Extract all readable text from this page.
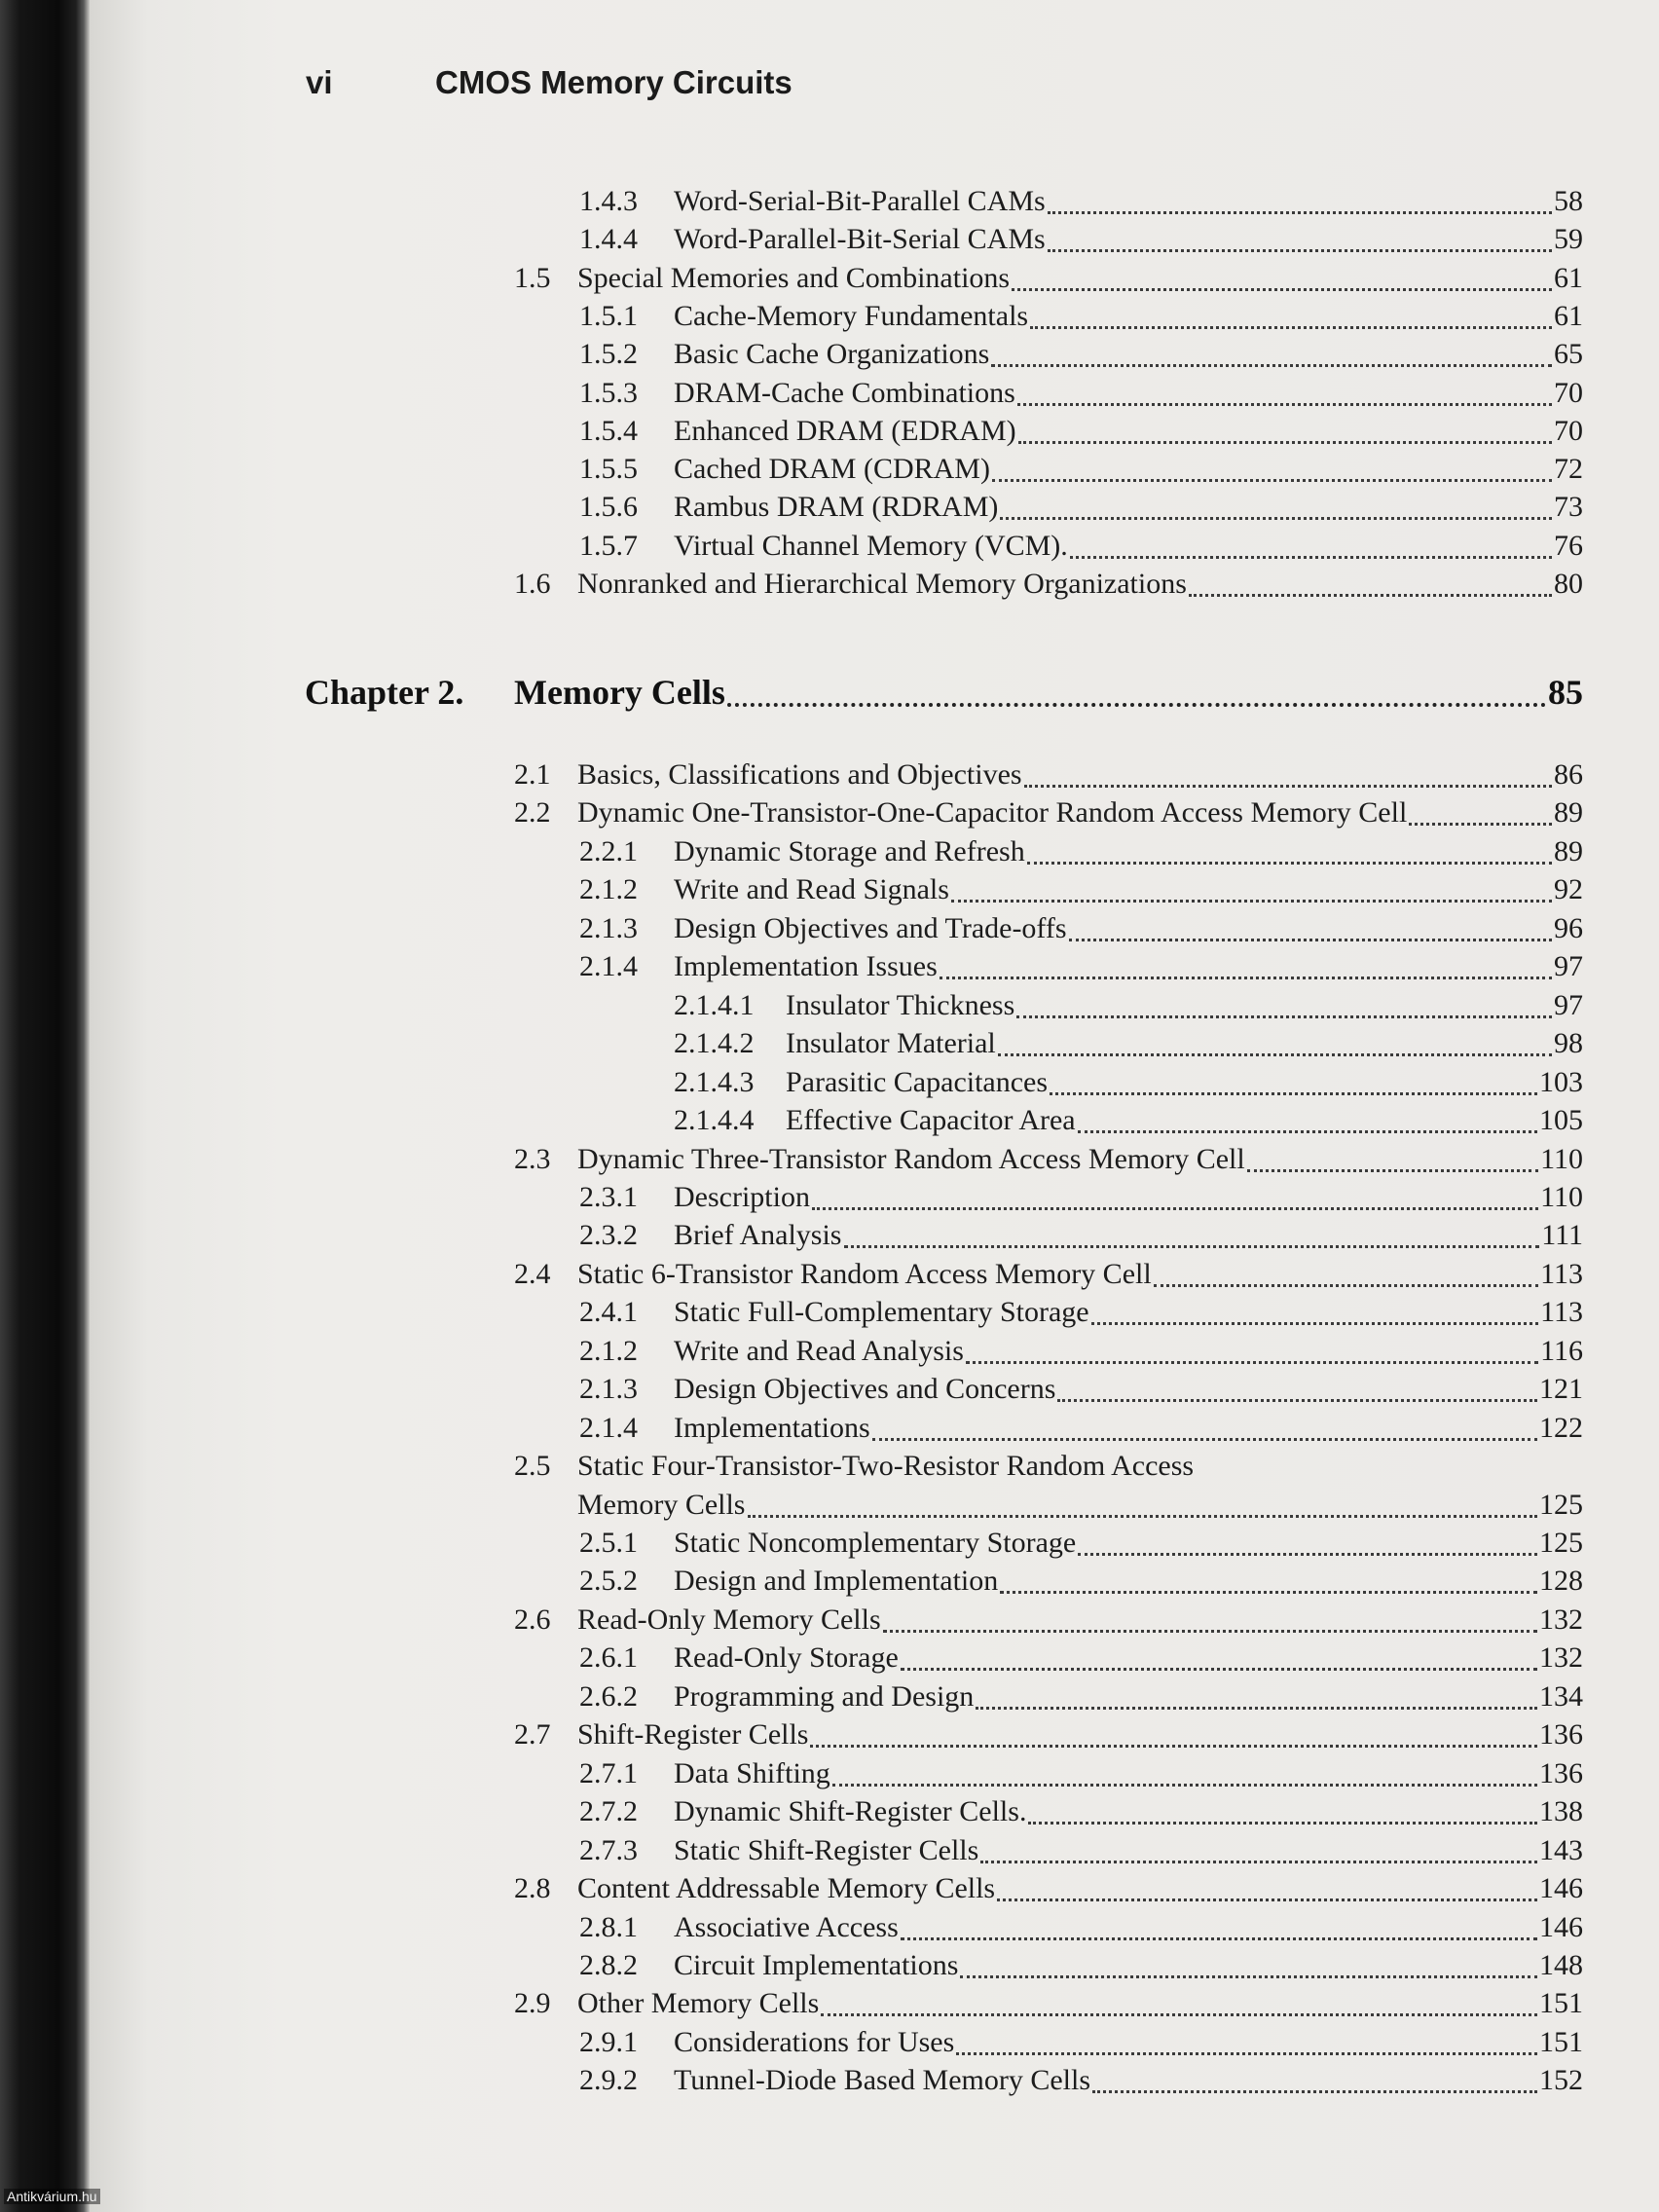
vi	CMOS Memory Circuits
1.4.3	Word-Serial-Bit-Parallel CAMs	58
1.4.4	Word-Parallel-Bit-Serial CAMs	59
1.5 Special Memories and Combinations	61
1.5.1	Cache-Memory Fundamentals	61
1.5.2	Basic Cache Organizations	65
1.5.3	DRAM-Cache Combinations	70
1.5.4	Enhanced DRAM (EDRAM)	70
1.5.5	Cached DRAM (CDRAM)	72
1.5.6	Rambus DRAM (RDRAM)	73
1.5.7	Virtual Channel Memory (VCM).	76
1.6 Nonranked and Hierarchical Memory Organizations	80
Chapter 2.	Memory Cells	85
2.1 Basics, Classifications and Objectives	86
2.2 Dynamic One-Transistor-One-Capacitor Random Access Memory Cell	89
2.2.1	Dynamic Storage and Refresh	89
2.1.2	Write and Read Signals	92
2.1.3	Design Objectives and Trade-offs	96
2.1.4	Implementation Issues	97
2.1.4.1	Insulator Thickness	97
2.1.4.2	Insulator Material	98
2.1.4.3	Parasitic Capacitances	103
2.1.4.4	Effective Capacitor Area	105
2.3 Dynamic Three-Transistor Random Access Memory Cell	110
2.3.1	Description	110
2.3.2	Brief Analysis	111
2.4 Static 6-Transistor Random Access Memory Cell	113
2.4.1	Static Full-Complementary Storage	113
2.1.2	Write and Read Analysis	116
2.1.3	Design Objectives and Concerns	121
2.1.4	Implementations	122
2.5 Static Four-Transistor-Two-Resistor Random Access
Memory Cells	125
2.5.1	Static Noncomplementary Storage	125
2.5.2	Design and Implementation	128
2.6 Read-Only Memory Cells	132
2.6.1	Read-Only Storage	132
2.6.2	Programming and Design	134
2.7 Shift-Register Cells	136
2.7.1	Data Shifting	136
2.7.2	Dynamic Shift-Register Cells.	138
2.7.3	Static Shift-Register Cells	143
2.8 Content Addressable Memory Cells	146
2.8.1	Associative Access	146
2.8.2	Circuit Implementations	148
2.9 Other Memory Cells	151
2.9.1	Considerations for Uses	151
2.9.2	Tunnel-Diode Based Memory Cells	152
Antikvárium.hu
